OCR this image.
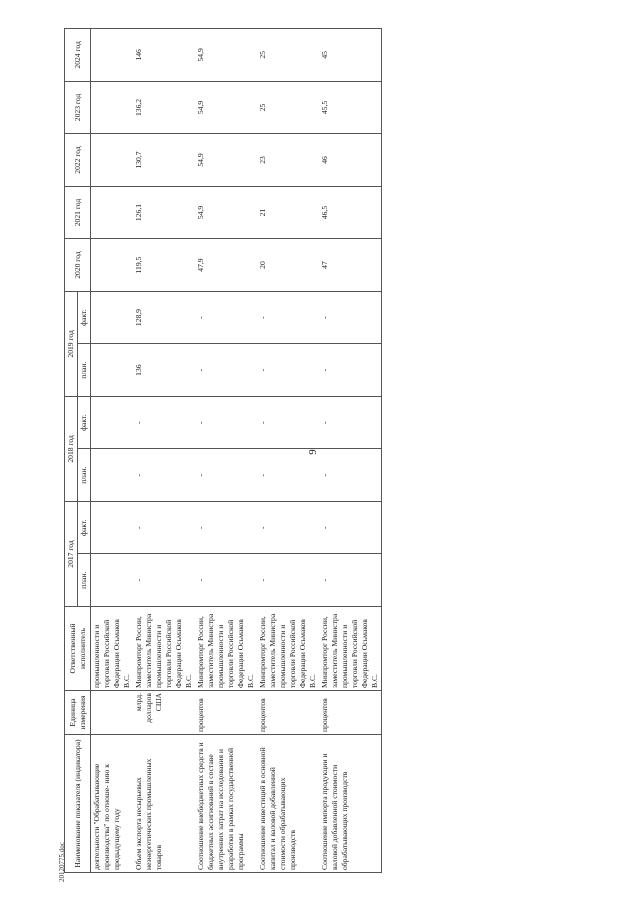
9
Наименование показателя (индикатора)	Единица измерения	Ответственный исполнитель	2017 год		2018 год		2019 год		2020 год	2021 год	2022 год	2023 год	2024 год
			план.	факт.	план.	факт.	план.	факт.					
деятельности "Обрабатывающие производства" по отноше- нию к предыдущему году		промышленности и торговли Российской Федерации Осьмаков В.С.											
Объем экспорта несырьевых неэнергетических промышленных товаров	млрд. долларов США	Минпромторг России, заместитель Министра промышленности и торговли Российской Федерации Осьмаков В.С.	-	-	-	-	136	128,9	119,5	126,1	130,7	136,2	146
Соотношение внебюджетных средств и бюджетных ассигнований в составе внутренних затрат на исследования и разработки в рамках государственной программы	процентов	Минпромторг России, заместитель Министра промышленности и торговли Российской Федерации Осьмаков В.С.	-	-	-	-	-	-	47,9	54,9	54,9	54,9	54,9
Соотношение инвестиций в основной капитал и валовой добавленной стоимости обрабатывающих производств	процентов	Минпромторг России, заместитель Министра промышленности и торговли Российской Федерации Осьмаков В.С.	-	-	-	-	-	-	20	21	23	25	25
Соотношение импорта продукции и валовой добавленной стоимости обрабатывающих производств	процентов	Минпромторг России, заместитель Министра промышленности и торговли Российской Федерации Осьмаков В.С.	-	-	-	-	-	-	47	46,5	46	45,5	45
20120775.doc
